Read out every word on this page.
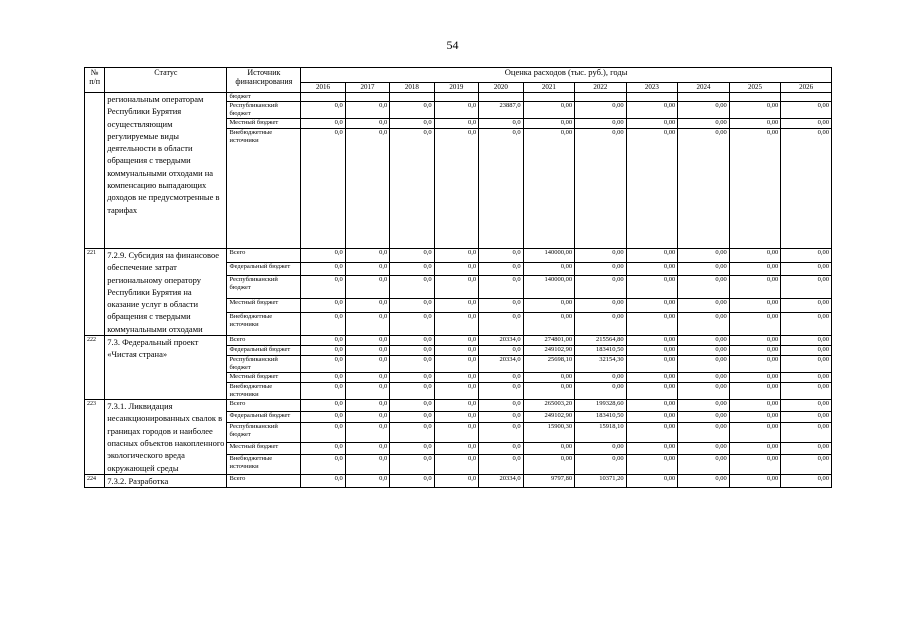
54
№ п/п	Статус	Источник финансирования	Оценка расходов (тыс. руб.), годы										
			2016	2017	2018	2019	2020	2021	2022	2023	2024	2025	2026
	региональным операторам Республики Бурятия осуществляющим регулируемые виды деятельности в области обращения с твердыми коммунальными отходами на компенсацию выпадающих доходов не предусмотренные в тарифах	бюджет											
		Республиканский бюджет	0,0	0,0	0,0	0,0	23887,0	0,00	0,00	0,00	0,00	0,00	0,00
		Местный бюджет	0,0	0,0	0,0	0,0	0,0	0,00	0,00	0,00	0,00	0,00	0,00
		Внебюджетные источники	0,0	0,0	0,0	0,0	0,0	0,00	0,00	0,00	0,00	0,00	0,00
221	7.2.9. Субсидия на финансовое обеспечение затрат региональному оператору Республики Бурятия на оказание услуг в области обращения с твердыми коммунальными отходами	Всего	0,0	0,0	0,0	0,0	0,0	140000,00	0,00	0,00	0,00	0,00	0,00
		Федеральный бюджет	0,0	0,0	0,0	0,0	0,0	0,00	0,00	0,00	0,00	0,00	0,00
		Республиканский бюджет	0,0	0,0	0,0	0,0	0,0	140000,00	0,00	0,00	0,00	0,00	0,00
		Местный бюджет	0,0	0,0	0,0	0,0	0,0	0,00	0,00	0,00	0,00	0,00	0,00
		Внебюджетные источники	0,0	0,0	0,0	0,0	0,0	0,00	0,00	0,00	0,00	0,00	0,00
222	7.3. Федеральный проект «Чистая страна»	Всего	0,0	0,0	0,0	0,0	20334,0	274801,00	215564,80	0,00	0,00	0,00	0,00
		Федеральный бюджет	0,0	0,0	0,0	0,0	0,0	249102,90	183410,50	0,00	0,00	0,00	0,00
		Республиканский бюджет	0,0	0,0	0,0	0,0	20334,0	25698,10	32154,30	0,00	0,00	0,00	0,00
		Местный бюджет	0,0	0,0	0,0	0,0	0,0	0,00	0,00	0,00	0,00	0,00	0,00
		Внебюджетные источники	0,0	0,0	0,0	0,0	0,0	0,00	0,00	0,00	0,00	0,00	0,00
223	7.3.1. Ликвидация несанкционированных свалок в границах городов и наиболее опасных объектов накопленного экологического вреда окружающей среды	Всего	0,0	0,0	0,0	0,0	0,0	265003,20	199328,60	0,00	0,00	0,00	0,00
		Федеральный бюджет	0,0	0,0	0,0	0,0	0,0	249102,90	183410,50	0,00	0,00	0,00	0,00
		Республиканский бюджет	0,0	0,0	0,0	0,0	0,0	15900,30	15918,10	0,00	0,00	0,00	0,00
		Местный бюджет	0,0	0,0	0,0	0,0	0,0	0,00	0,00	0,00	0,00	0,00	0,00
		Внебюджетные источники	0,0	0,0	0,0	0,0	0,0	0,00	0,00	0,00	0,00	0,00	0,00
224	7.3.2. Разработка	Всего	0,0	0,0	0,0	0,0	20334,0	9797,80	10371,20	0,00	0,00	0,00	0,00
